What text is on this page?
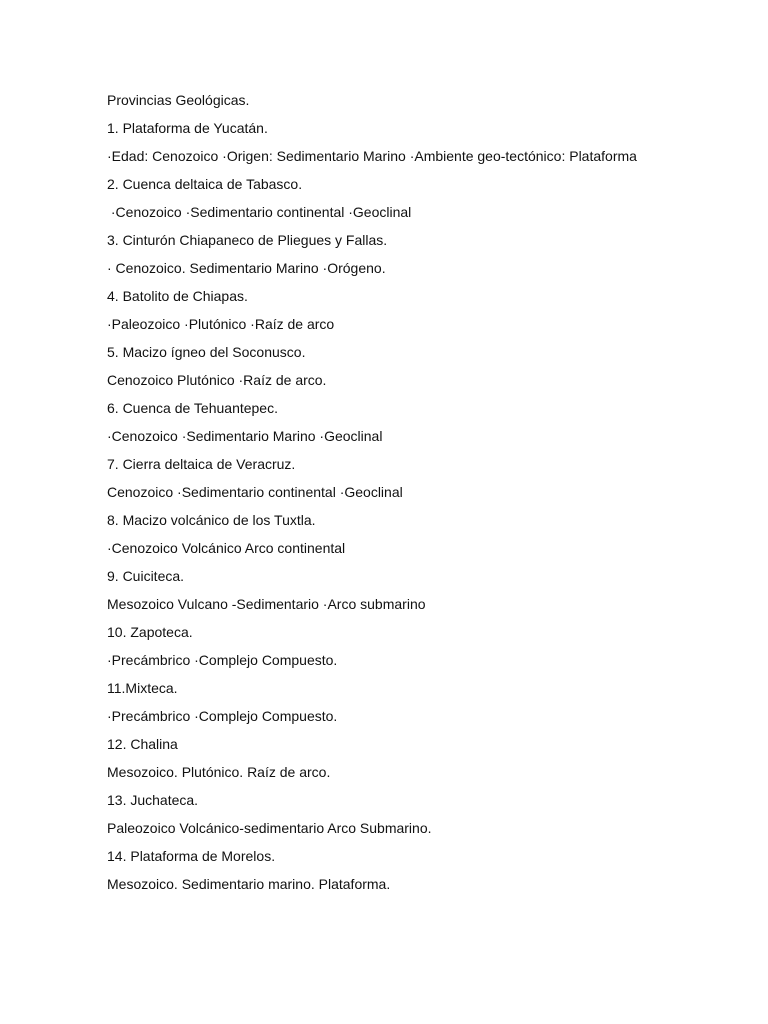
Provincias Geológicas.
1. Plataforma de Yucatán.
·Edad: Cenozoico ·Origen: Sedimentario Marino ·Ambiente geo-tectónico: Plataforma
2. Cuenca deltaica de Tabasco.
·Cenozoico ·Sedimentario continental ·Geoclinal
3. Cinturón Chiapaneco de Pliegues y Fallas.
· Cenozoico. Sedimentario Marino ·Orógeno.
4. Batolito de Chiapas.
·Paleozoico ·Plutónico ·Raíz de arco
5. Macizo ígneo del Soconusco.
Cenozoico Plutónico ·Raíz de arco.
6. Cuenca de Tehuantepec.
·Cenozoico ·Sedimentario Marino ·Geoclinal
7. Cierra deltaica de Veracruz.
Cenozoico ·Sedimentario continental ·Geoclinal
8. Macizo volcánico de los Tuxtla.
·Cenozoico Volcánico Arco continental
9. Cuiciteca.
Mesozoico Vulcano -Sedimentario ·Arco submarino
10. Zapoteca.
·Precámbrico ·Complejo Compuesto.
11.Mixteca.
·Precámbrico ·Complejo Compuesto.
12. Chalina
Mesozoico. Plutónico. Raíz de arco.
13. Juchateca.
Paleozoico Volcánico-sedimentario Arco Submarino.
14. Plataforma de Morelos.
Mesozoico. Sedimentario marino. Plataforma.
